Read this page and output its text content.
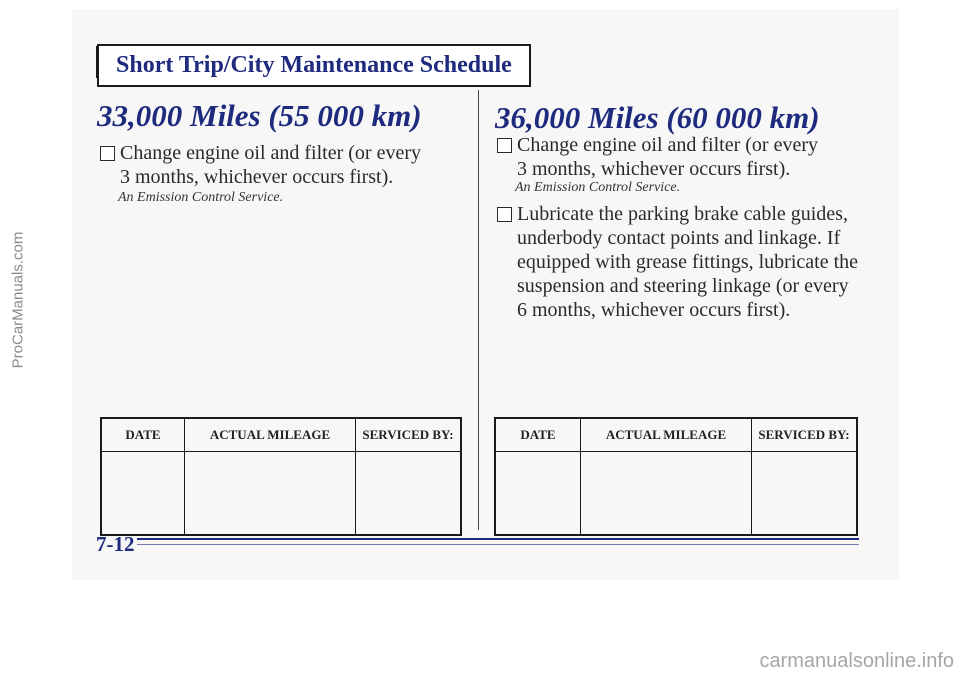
Short Trip/City Maintenance Schedule
33,000 Miles (55 000 km)
Change engine oil and filter (or every
3 months, whichever occurs first).
An Emission Control Service.
DATE	ACTUAL MILEAGE	SERVICED BY:

36,000 Miles (60 000 km)
Change engine oil and filter (or every
3 months, whichever occurs first).
An Emission Control Service.
Lubricate the parking brake cable guides,
underbody contact points and linkage. If
equipped with grease fittings, lubricate the
suspension and steering linkage (or every
6 months, whichever occurs first).
DATE	ACTUAL MILEAGE	SERVICED BY:

7-12
ProCarManuals.com
carmanualsonline.info
